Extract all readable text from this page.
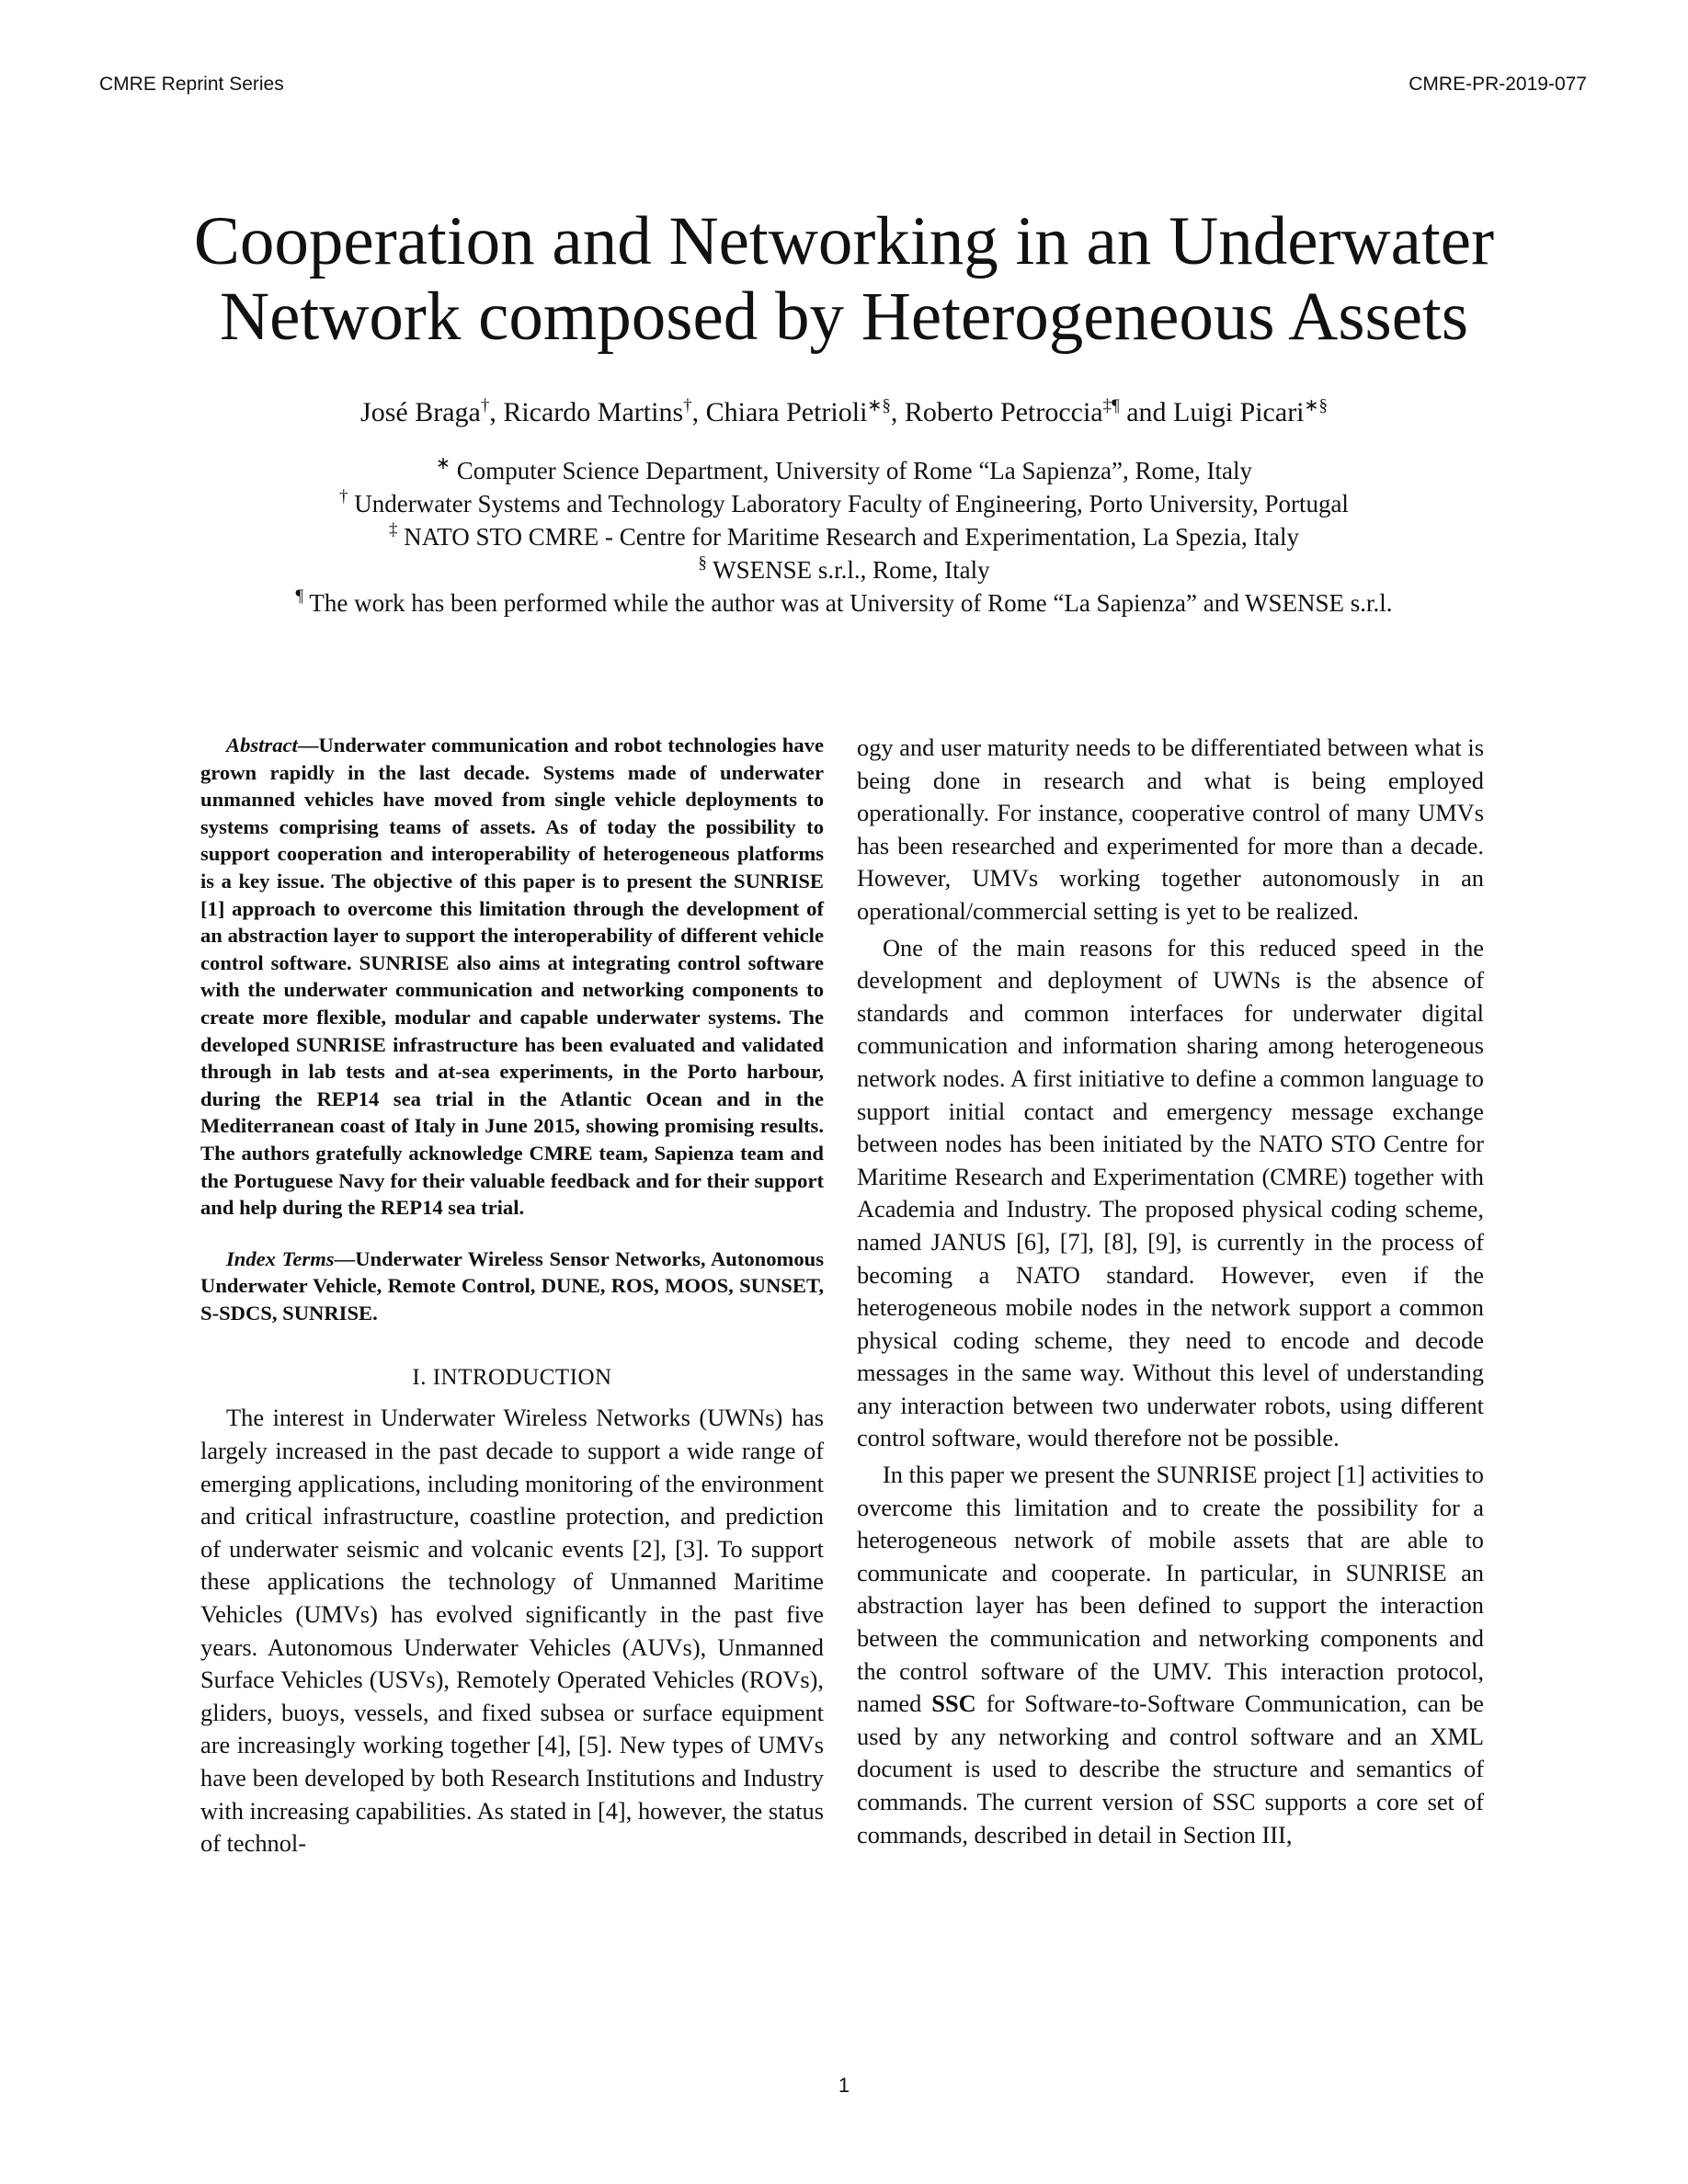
CMRE Reprint Series	CMRE-PR-2019-077
Cooperation and Networking in an Underwater
Network composed by Heterogeneous Assets
José Braga†, Ricardo Martins†, Chiara Petrioli∗§, Roberto Petroccia‡¶ and Luigi Picari∗§
∗ Computer Science Department, University of Rome “La Sapienza”, Rome, Italy
† Underwater Systems and Technology Laboratory Faculty of Engineering, Porto University, Portugal
‡ NATO STO CMRE - Centre for Maritime Research and Experimentation, La Spezia, Italy
§ WSENSE s.r.l., Rome, Italy
¶ The work has been performed while the author was at University of Rome “La Sapienza” and WSENSE s.r.l.

Abstract—Underwater communication and robot technologies have grown rapidly in the last decade. Systems made of underwater unmanned vehicles have moved from single vehicle deployments to systems comprising teams of assets. As of today the possibility to support cooperation and interoperability of heterogeneous platforms is a key issue. The objective of this paper is to present the SUNRISE [1] approach to overcome this limitation through the development of an abstraction layer to support the interoperability of different vehicle control software. SUNRISE also aims at integrating control software with the underwater communication and networking components to create more flexible, modular and capable underwater systems. The developed SUNRISE infrastructure has been evaluated and validated through in lab tests and at-sea experiments, in the Porto harbour, during the REP14 sea trial in the Atlantic Ocean and in the Mediterranean coast of Italy in June 2015, showing promising results. The authors gratefully acknowledge CMRE team, Sapienza team and the Portuguese Navy for their valuable feedback and for their support and help during the REP14 sea trial.

Index Terms—Underwater Wireless Sensor Networks, Autonomous Underwater Vehicle, Remote Control, DUNE, ROS, MOOS, SUNSET, S-SDCS, SUNRISE.

I. INTRODUCTION

The interest in Underwater Wireless Networks (UWNs) has largely increased in the past decade to support a wide range of emerging applications, including monitoring of the environment and critical infrastructure, coastline protection, and prediction of underwater seismic and volcanic events [2], [3]. To support these applications the technology of Unmanned Maritime Vehicles (UMVs) has evolved significantly in the past five years. Autonomous Underwater Vehicles (AUVs), Unmanned Surface Vehicles (USVs), Remotely Operated Vehicles (ROVs), gliders, buoys, vessels, and fixed subsea or surface equipment are increasingly working together [4], [5]. New types of UMVs have been developed by both Research Institutions and Industry with increasing capabilities. As stated in [4], however, the status of technol-

ogy and user maturity needs to be differentiated between what is being done in research and what is being employed operationally. For instance, cooperative control of many UMVs has been researched and experimented for more than a decade. However, UMVs working together autonomously in an operational/commercial setting is yet to be realized.

One of the main reasons for this reduced speed in the development and deployment of UWNs is the absence of standards and common interfaces for underwater digital communication and information sharing among heterogeneous network nodes. A first initiative to define a common language to support initial contact and emergency message exchange between nodes has been initiated by the NATO STO Centre for Maritime Research and Experimentation (CMRE) together with Academia and Industry. The proposed physical coding scheme, named JANUS [6], [7], [8], [9], is currently in the process of becoming a NATO standard. However, even if the heterogeneous mobile nodes in the network support a common physical coding scheme, they need to encode and decode messages in the same way. Without this level of understanding any interaction between two underwater robots, using different control software, would therefore not be possible.

In this paper we present the SUNRISE project [1] activities to overcome this limitation and to create the possibility for a heterogeneous network of mobile assets that are able to communicate and cooperate. In particular, in SUNRISE an abstraction layer has been defined to support the interaction between the communication and networking components and the control software of the UMV. This interaction protocol, named SSC for Software-to-Software Communication, can be used by any networking and control software and an XML document is used to describe the structure and semantics of commands. The current version of SSC supports a core set of commands, described in detail in Section III,

1
